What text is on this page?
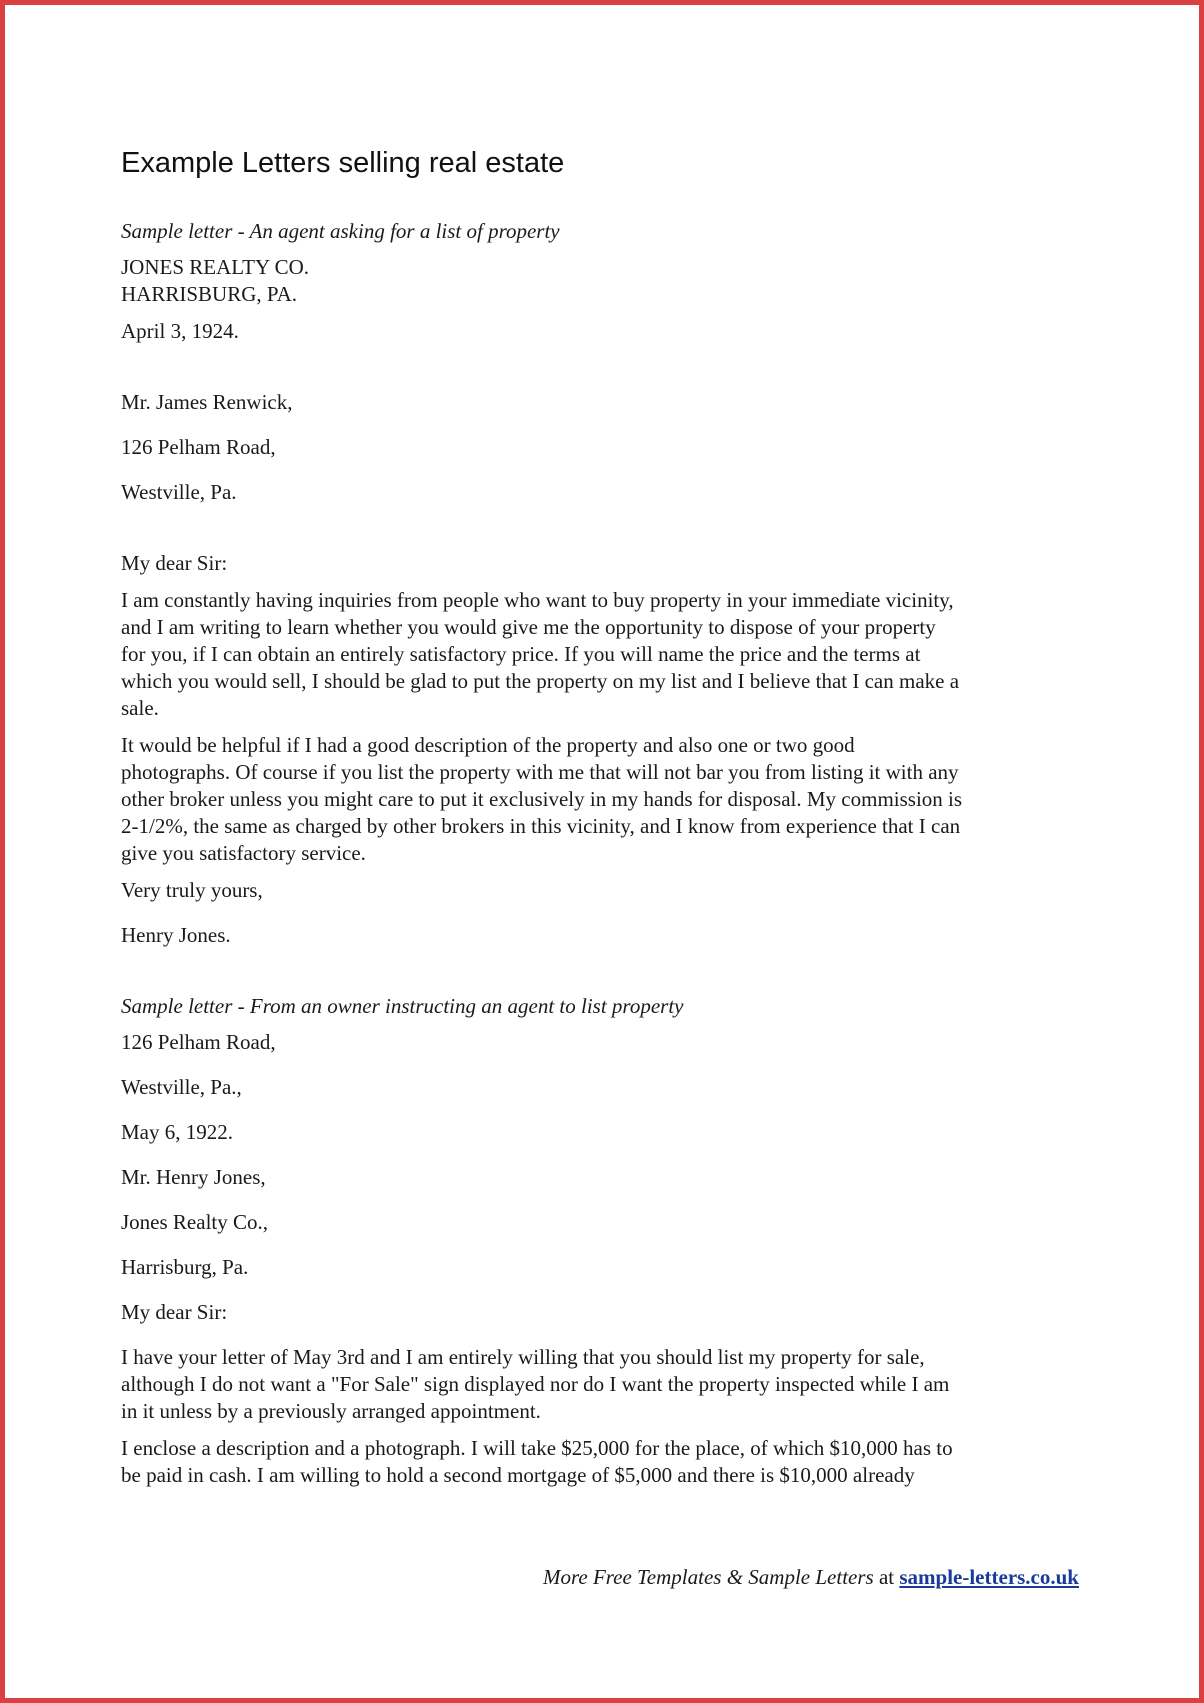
Example Letters selling real estate
Sample letter - An agent asking for a list of property
JONES REALTY CO.
HARRISBURG, PA.
April 3, 1924.
Mr. James Renwick,
126 Pelham Road,
Westville, Pa.
My dear Sir:
I am constantly having inquiries from people who want to buy property in your immediate vicinity,
and I am writing to learn whether you would give me the opportunity to dispose of your property
for you, if I can obtain an entirely satisfactory price. If you will name the price and the terms at
which you would sell, I should be glad to put the property on my list and I believe that I can make a
sale.
It would be helpful if I had a good description of the property and also one or two good
photographs. Of course if you list the property with me that will not bar you from listing it with any
other broker unless you might care to put it exclusively in my hands for disposal. My commission is
2-1/2%, the same as charged by other brokers in this vicinity, and I know from experience that I can
give you satisfactory service.
Very truly yours,
Henry Jones.
Sample letter - From an owner instructing an agent to list property
126 Pelham Road,
Westville, Pa.,
May 6, 1922.
Mr. Henry Jones,
Jones Realty Co.,
Harrisburg, Pa.
My dear Sir:
I have your letter of May 3rd and I am entirely willing that you should list my property for sale,
although I do not want a "For Sale" sign displayed nor do I want the property inspected while I am
in it unless by a previously arranged appointment.
I enclose a description and a photograph. I will take $25,000 for the place, of which $10,000 has to
be paid in cash. I am willing to hold a second mortgage of $5,000 and there is $10,000 already
More Free Templates & Sample Letters at sample-letters.co.uk
